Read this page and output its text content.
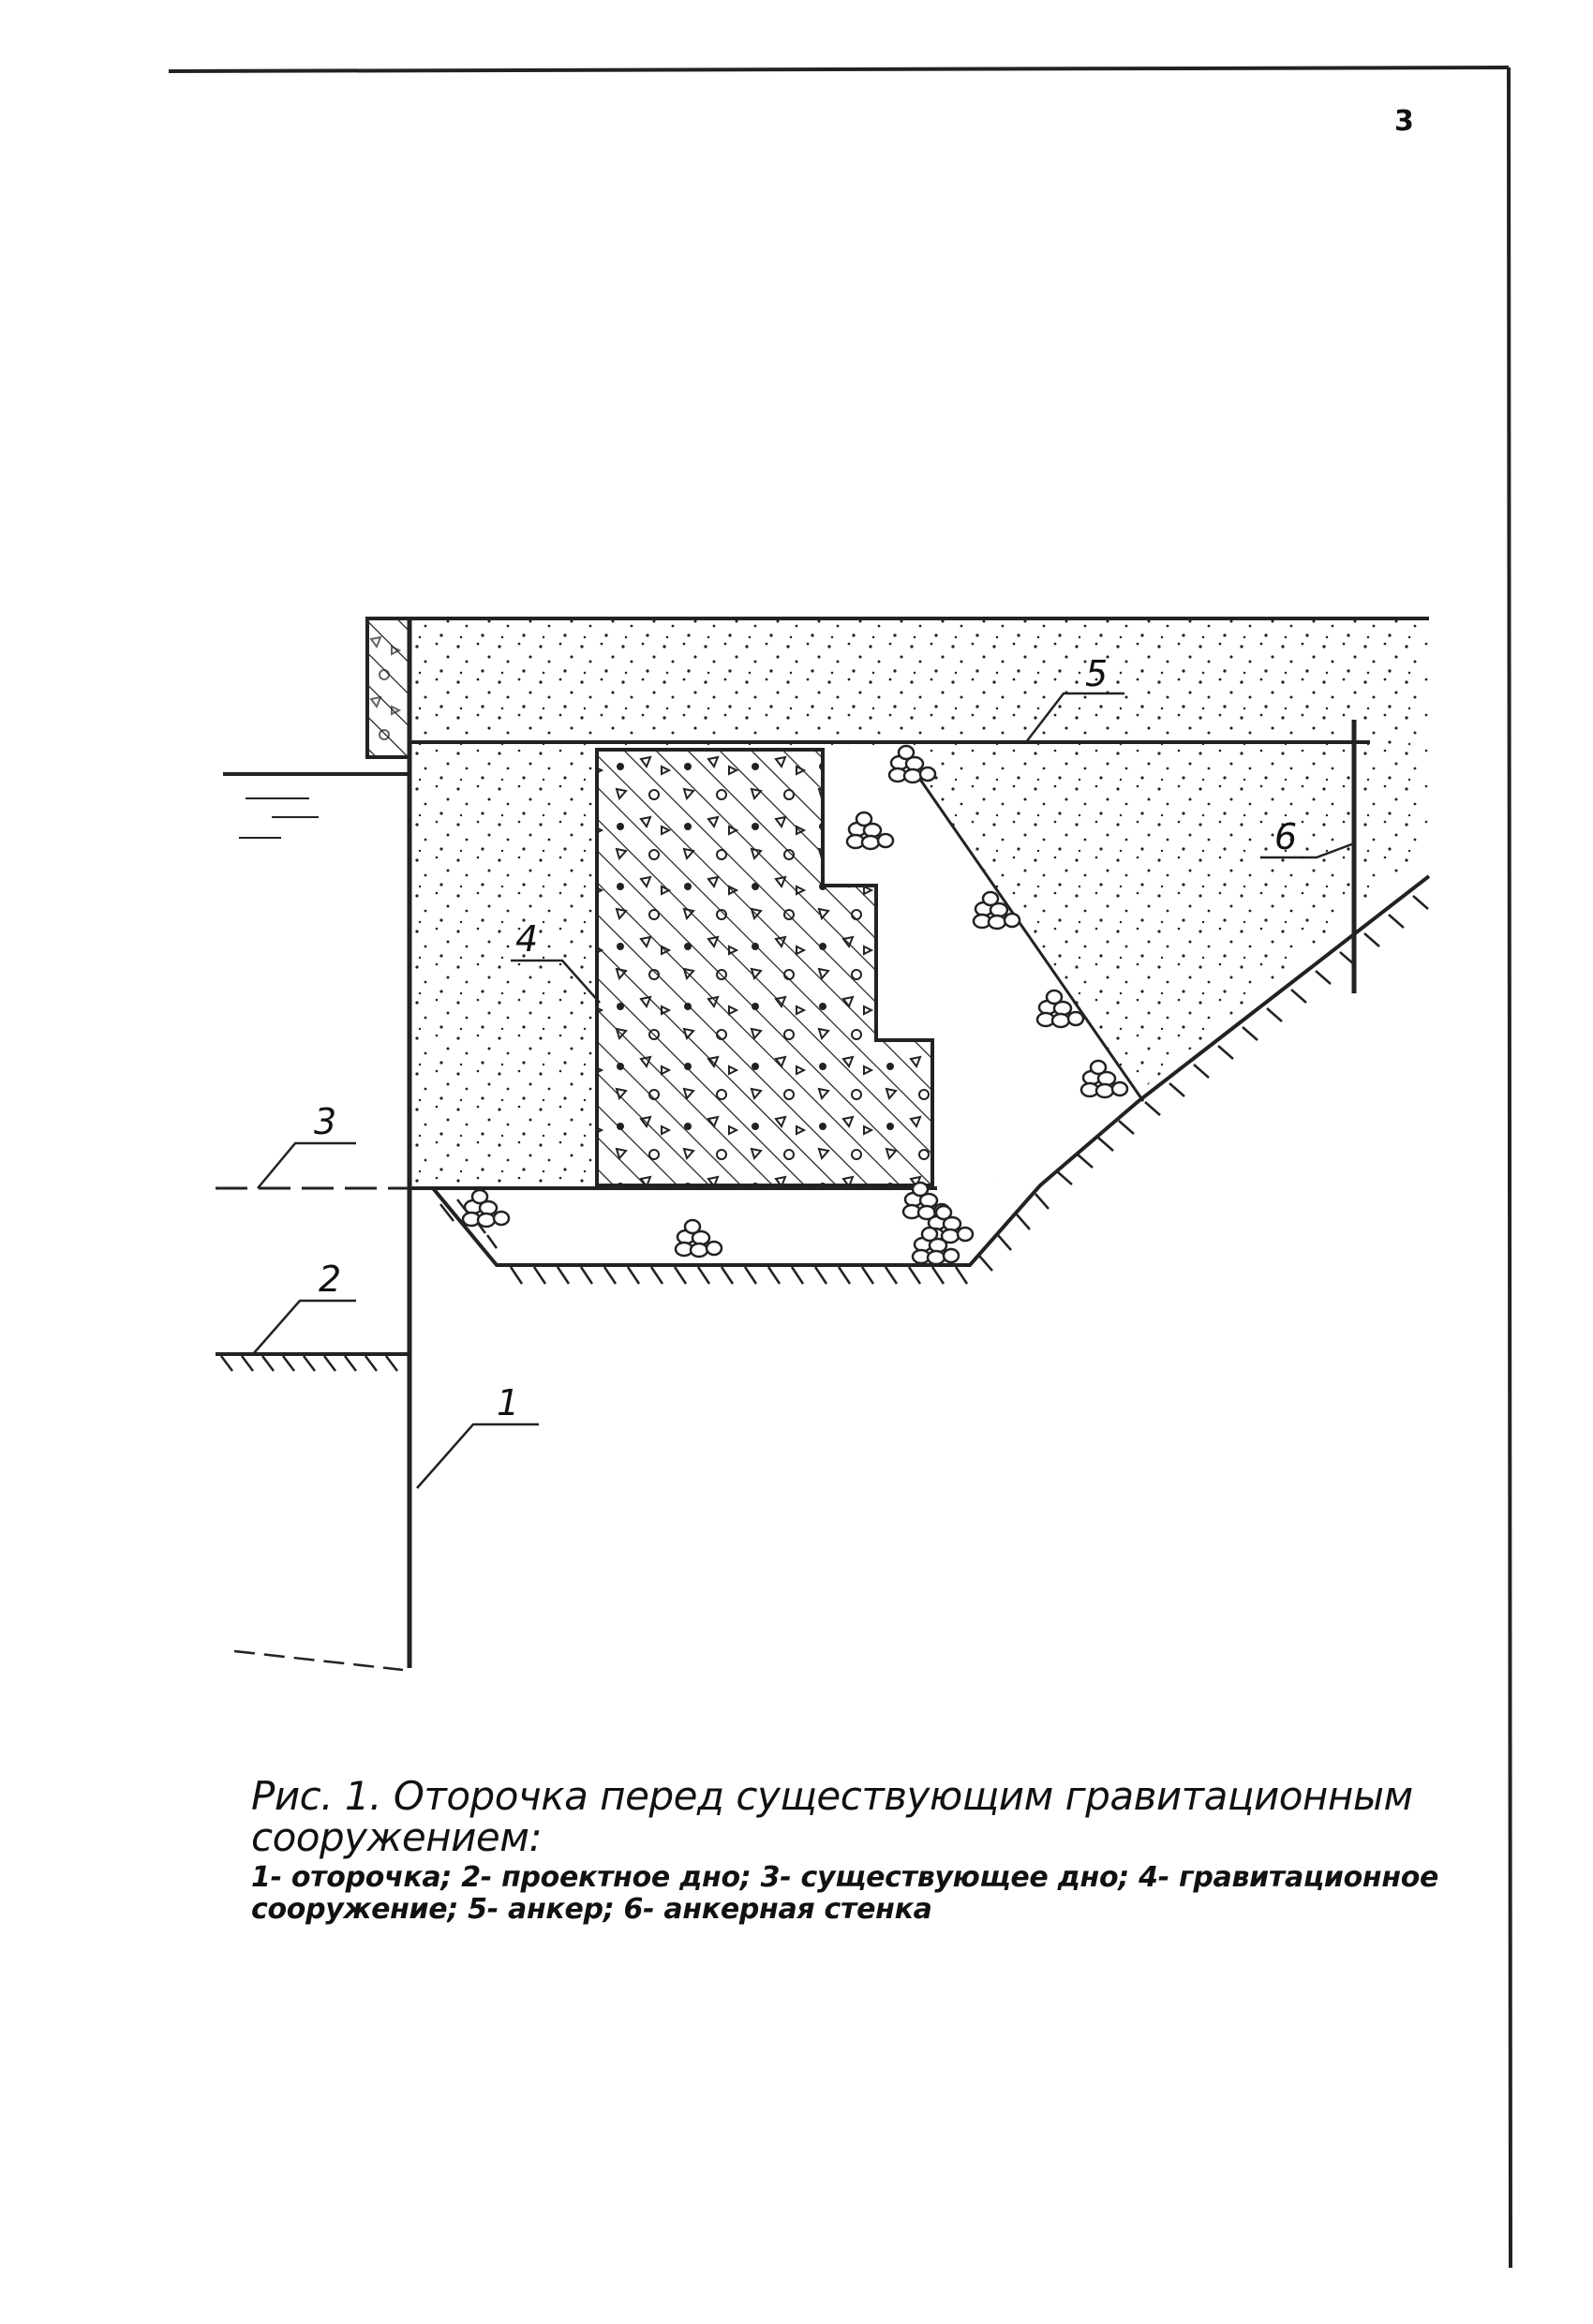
3
5
6
4
3
2
1
Рис. 1. Оторочка перед существующим гравитационным сооружением:
1- оторочка; 2- проектное дно; 3- существующее дно; 4- гравитационное сооружение; 5- анкер; 6- анкерная стенка
